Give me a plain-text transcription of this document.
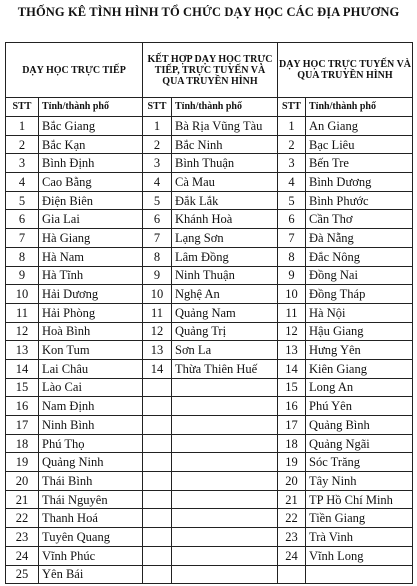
THỐNG KÊ TÌNH HÌNH TỔ CHỨC DẠY HỌC CÁC ĐỊA PHƯƠNG
DẠY HỌC TRỰC TIẾP		KẾT HỢP DẠY HỌC TRỰC TIẾP, TRỰC TUYẾN VÀ QUA TRUYỀN HÌNH		DẠY HỌC TRỰC TUYẾN VÀ QUA TRUYỀN HÌNH	
STT	Tỉnh/thành phố	STT	Tỉnh/thành phố	STT	Tỉnh/thành phố
1	Bắc Giang	1	Bà Rịa Vũng Tàu	1	An Giang
2	Bắc Kạn	2	Bắc Ninh	2	Bạc Liêu
3	Bình Định	3	Bình Thuận	3	Bến Tre
4	Cao Bằng	4	Cà Mau	4	Bình Dương
5	Điện Biên	5	Đắk Lắk	5	Bình Phước
6	Gia Lai	6	Khánh Hoà	6	Cần Thơ
7	Hà Giang	7	Lạng Sơn	7	Đà Nẵng
8	Hà Nam	8	Lâm Đồng	8	Đắc Nông
9	Hà Tĩnh	9	Ninh Thuận	9	Đồng Nai
10	Hải Dương	10	Nghệ An	10	Đồng Tháp
11	Hải Phòng	11	Quảng Nam	11	Hà Nội
12	Hoà Bình	12	Quảng Trị	12	Hậu Giang
13	Kon Tum	13	Sơn La	13	Hưng Yên
14	Lai Châu	14	Thừa Thiên Huế	14	Kiên Giang
15	Lào Cai			15	Long An
16	Nam Định			16	Phú Yên
17	Ninh Bình			17	Quảng Bình
18	Phú Thọ			18	Quảng Ngãi
19	Quảng Ninh			19	Sóc Trăng
20	Thái Bình			20	Tây Ninh
21	Thái Nguyên			21	TP Hồ Chí Minh
22	Thanh Hoá			22	Tiền Giang
23	Tuyên Quang			23	Trà Vinh
24	Vĩnh Phúc			24	Vĩnh Long
25	Yên Bái				
